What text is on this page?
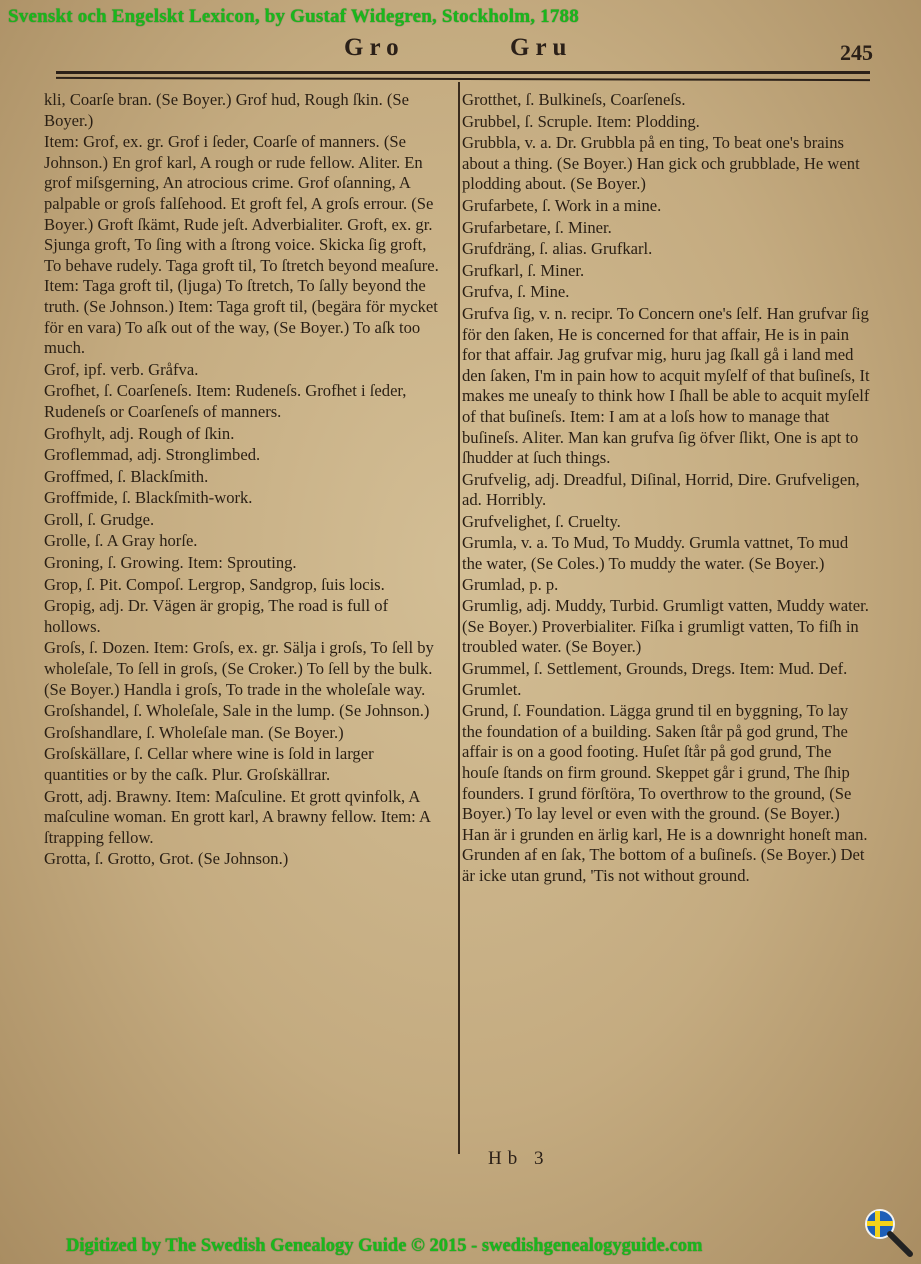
Svenskt och Engelskt Lexicon, by Gustaf Widegren, Stockholm, 1788
Gro	Gru	245
kli, Coarſe bran. (Se Boyer.) Grof hud, Rough ſkin. (Se Boyer.)
Item: Grof, ex. gr. Grof i ſeder, Coarſe of manners. (Se Johnson.) En grof karl, A rough or rude fellow. Aliter. En grof miſsgerning, An atrocious crime. Grof oſanning, A palpable or groſs falſehood. Et groft fel, A groſs errour. (Se Boyer.) Groft ſkämt, Rude jeſt. Adverbialiter. Groft, ex. gr. Sjunga groft, To ſing with a ſtrong voice. Skicka ſig groft, To behave rudely. Taga groft til, To ſtretch beyond meaſure. Item: Taga groft til, (ljuga) To ſtretch, To ſally beyond the truth. (Se Johnson.) Item: Taga groft til, (begära för mycket för en vara) To aſk out of the way, (Se Boyer.) To aſk too much.
Grof, ipf. verb. Gråfva.
Grofhet, ſ. Coarſeneſs. Item: Rudeneſs. Grofhet i ſeder, Rudeneſs or Coarſeneſs of manners.
Grofhylt, adj. Rough of ſkin.
Groflemmad, adj. Stronglimbed.
Groffmed, ſ. Blackſmith.
Groffmide, ſ. Blackſmith-work.
Groll, ſ. Grudge.
Grolle, ſ. A Gray horſe.
Groning, ſ. Growing. Item: Sprouting.
Grop, ſ. Pit. Compoſ. Lergrop, Sandgrop, ſuis locis.
Gropig, adj. Dr. Vägen är gropig, The road is full of hollows.
Groſs, ſ. Dozen. Item: Groſs, ex. gr. Sälja i groſs, To ſell by wholeſale, To ſell in groſs, (Se Croker.) To ſell by the bulk. (Se Boyer.) Handla i groſs, To trade in the wholeſale way.
Groſshandel, ſ. Wholeſale, Sale in the lump. (Se Johnson.)
Groſshandlare, ſ. Wholeſale man. (Se Boyer.)
Groſskällare, ſ. Cellar where wine is ſold in larger quantities or by the caſk. Plur. Groſskällrar.
Grott, adj. Brawny. Item: Maſculine. Et grott qvinfolk, A maſculine woman. En grott karl, A brawny fellow. Item: A ſtrapping fellow.
Grotta, ſ. Grotto, Grot. (Se Johnson.)
Grotthet, ſ. Bulkineſs, Coarſeneſs.
Grubbel, ſ. Scruple. Item: Plodding.
Grubbla, v. a. Dr. Grubbla på en ting, To beat one's brains about a thing. (Se Boyer.) Han gick och grubblade, He went plodding about. (Se Boyer.)
Grufarbete, ſ. Work in a mine.
Grufarbetare, ſ. Miner.
Grufdräng, ſ. alias. Grufkarl.
Grufkarl, ſ. Miner.
Grufva, ſ. Mine.
Grufva ſig, v. n. recipr. To Concern one's ſelf. Han grufvar ſig för den ſaken, He is concerned for that affair, He is in pain for that affair. Jag grufvar mig, huru jag ſkall gå i land med den ſaken, I'm in pain how to acquit myſelf of that buſineſs, It makes me uneaſy to think how I ſhall be able to acquit myſelf of that buſineſs. Item: I am at a loſs how to manage that buſineſs. Aliter. Man kan grufva ſig öfver ſlikt, One is apt to ſhudder at ſuch things.
Grufvelig, adj. Dreadful, Diſinal, Horrid, Dire. Grufveligen, ad. Horribly.
Grufvelighet, ſ. Cruelty.
Grumla, v. a. To Mud, To Muddy. Grumla vattnet, To mud the water, (Se Coles.) To muddy the water. (Se Boyer.) Grumlad, p. p.
Grumlig, adj. Muddy, Turbid. Grumligt vatten, Muddy water. (Se Boyer.) Proverbialiter. Fiſka i grumligt vatten, To fiſh in troubled water. (Se Boyer.)
Grummel, ſ. Settlement, Grounds, Dregs. Item: Mud. Def. Grumlet.
Grund, ſ. Foundation. Lägga grund til en byggning, To lay the foundation of a building. Saken ſtår på god grund, The affair is on a good footing. Huſet ſtår på god grund, The houſe ſtands on firm ground. Skeppet går i grund, The ſhip founders. I grund förſtöra, To overthrow to the ground, (Se Boyer.) To lay level or even with the ground. (Se Boyer.) Han är i grunden en ärlig karl, He is a downright honeſt man. Grunden af en ſak, The bottom of a buſineſs. (Se Boyer.) Det är icke utan grund, 'Tis not without ground.
Hb 3
Digitized by The Swedish Genealogy Guide © 2015 - swedishgenealogyguide.com
